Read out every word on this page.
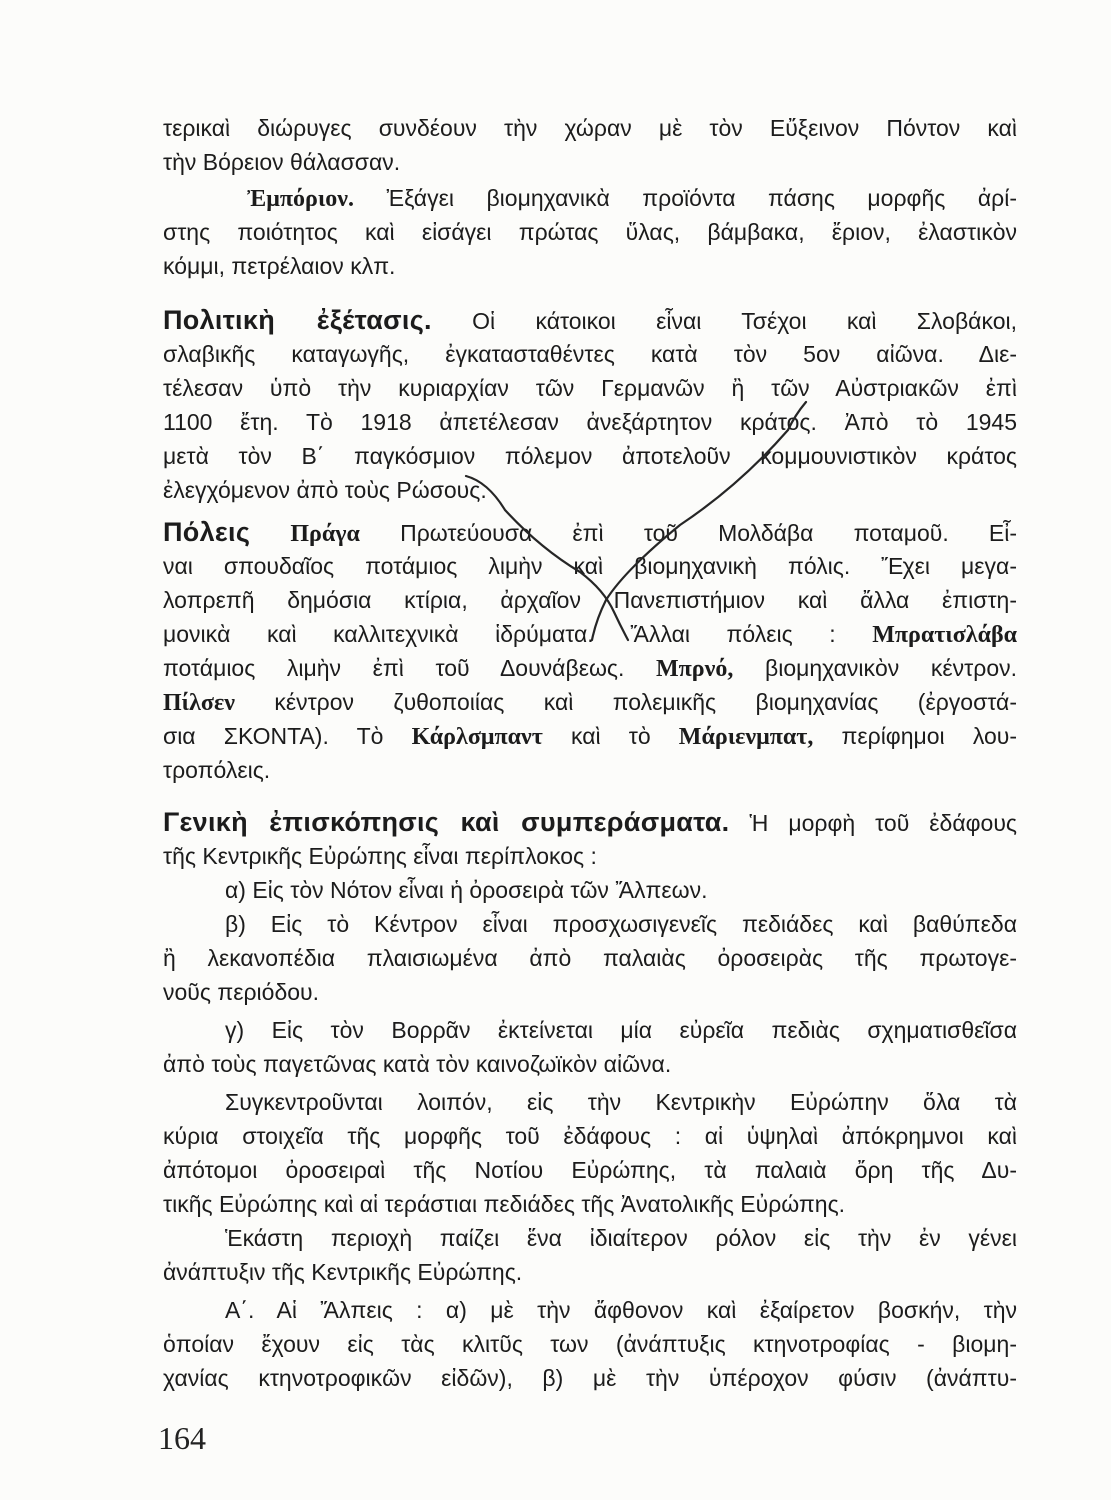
τερικαὶ διώρυγες συνδέουν τὴν χώραν μὲ τὸν Εὔξεινον Πόντον καὶ
τὴν Βόρειον θάλασσαν.
Ἐμπόριον. Ἐξάγει βιομηχανικὰ προϊόντα πάσης μορφῆς ἀρί-
στης ποιότητος καὶ εἰσάγει πρώτας ὕλας, βάμβακα, ἔριον, ἐλαστικὸν
κόμμι, πετρέλαιον κλπ.
Πολιτικὴ ἐξέτασις. Οἱ κάτοικοι εἶναι Τσέχοι καὶ Σλοβάκοι,
σλαβικῆς καταγωγῆς, ἐγκατασταθέντες κατὰ τὸν 5ον αἰῶνα. Διε-
τέλεσαν ὑπὸ τὴν κυριαρχίαν τῶν Γερμανῶν ἢ τῶν Αὐστριακῶν ἐπὶ
1100 ἔτη. Τὸ 1918 ἀπετέλεσαν ἀνεξάρτητον κράτος. Ἀπὸ τὸ 1945
μετὰ τὸν Β΄ παγκόσμιον πόλεμον ἀποτελοῦν κομμουνιστικὸν κράτος
ἐλεγχόμενον ἀπὸ τοὺς Ρώσους.
Πόλεις Πράγα Πρωτεύουσα ἐπὶ τοῦ Μολδάβα ποταμοῦ. Εἶ-
ναι σπουδαῖος ποτάμιος λιμὴν καὶ βιομηχανικὴ πόλις. Ἔχει μεγα-
λοπρεπῆ δημόσια κτίρια, ἀρχαῖον Πανεπιστήμιον καὶ ἄλλα ἐπιστη-
μονικὰ καὶ καλλιτεχνικὰ ἱδρύματα. Ἄλλαι πόλεις : Μπρατισλάβα
ποτάμιος λιμὴν ἐπὶ τοῦ Δουνάβεως. Μπρνό, βιομηχανικὸν κέντρον.
Πίλσεν κέντρον ζυθοποιίας καὶ πολεμικῆς βιομηχανίας (ἐργοστά-
σια ΣΚΟΝΤΑ). Τὸ Κάρλσμπαντ καὶ τὸ Μάριενμπατ, περίφημοι λου-
τροπόλεις.
Γενικὴ ἐπισκόπησις καὶ συμπεράσματα. Ἡ μορφὴ τοῦ ἐδάφους
τῆς Κεντρικῆς Εὐρώπης εἶναι περίπλοκος :
α) Εἰς τὸν Νότον εἶναι ἡ ὀροσειρὰ τῶν Ἄλπεων.
β) Εἰς τὸ Κέντρον εἶναι προσχωσιγενεῖς πεδιάδες καὶ βαθύπεδα
ἢ λεκανοπέδια πλαισιωμένα ἀπὸ παλαιὰς ὀροσειρὰς τῆς πρωτογε-
νοῦς περιόδου.
γ) Εἰς τὸν Βορρᾶν ἐκτείνεται μία εὐρεῖα πεδιὰς σχηματισθεῖσα
ἀπὸ τοὺς παγετῶνας κατὰ τὸν καινοζωϊκὸν αἰῶνα.
Συγκεντροῦνται λοιπόν, εἰς τὴν Κεντρικὴν Εὐρώπην ὅλα τὰ
κύρια στοιχεῖα τῆς μορφῆς τοῦ ἐδάφους : αἱ ὑψηλαὶ ἀπόκρημνοι καὶ
ἀπότομοι ὀροσειραὶ τῆς Νοτίου Εὐρώπης, τὰ παλαιὰ ὄρη τῆς Δυ-
τικῆς Εὐρώπης καὶ αἱ τεράστιαι πεδιάδες τῆς Ἀνατολικῆς Εὐρώπης.
Ἑκάστη περιοχὴ παίζει ἕνα ἰδιαίτερον ρόλον εἰς τὴν ἐν γένει
ἀνάπτυξιν τῆς Κεντρικῆς Εὐρώπης.
Α΄. Αἱ Ἄλπεις : α) μὲ τὴν ἄφθονον καὶ ἐξαίρετον βοσκήν, τὴν
ὁποίαν ἔχουν εἰς τὰς κλιτῦς των (ἀνάπτυξις κτηνοτροφίας - βιομη-
χανίας κτηνοτροφικῶν εἰδῶν), β) μὲ τὴν ὑπέροχον φύσιν (ἀνάπτυ-
164
